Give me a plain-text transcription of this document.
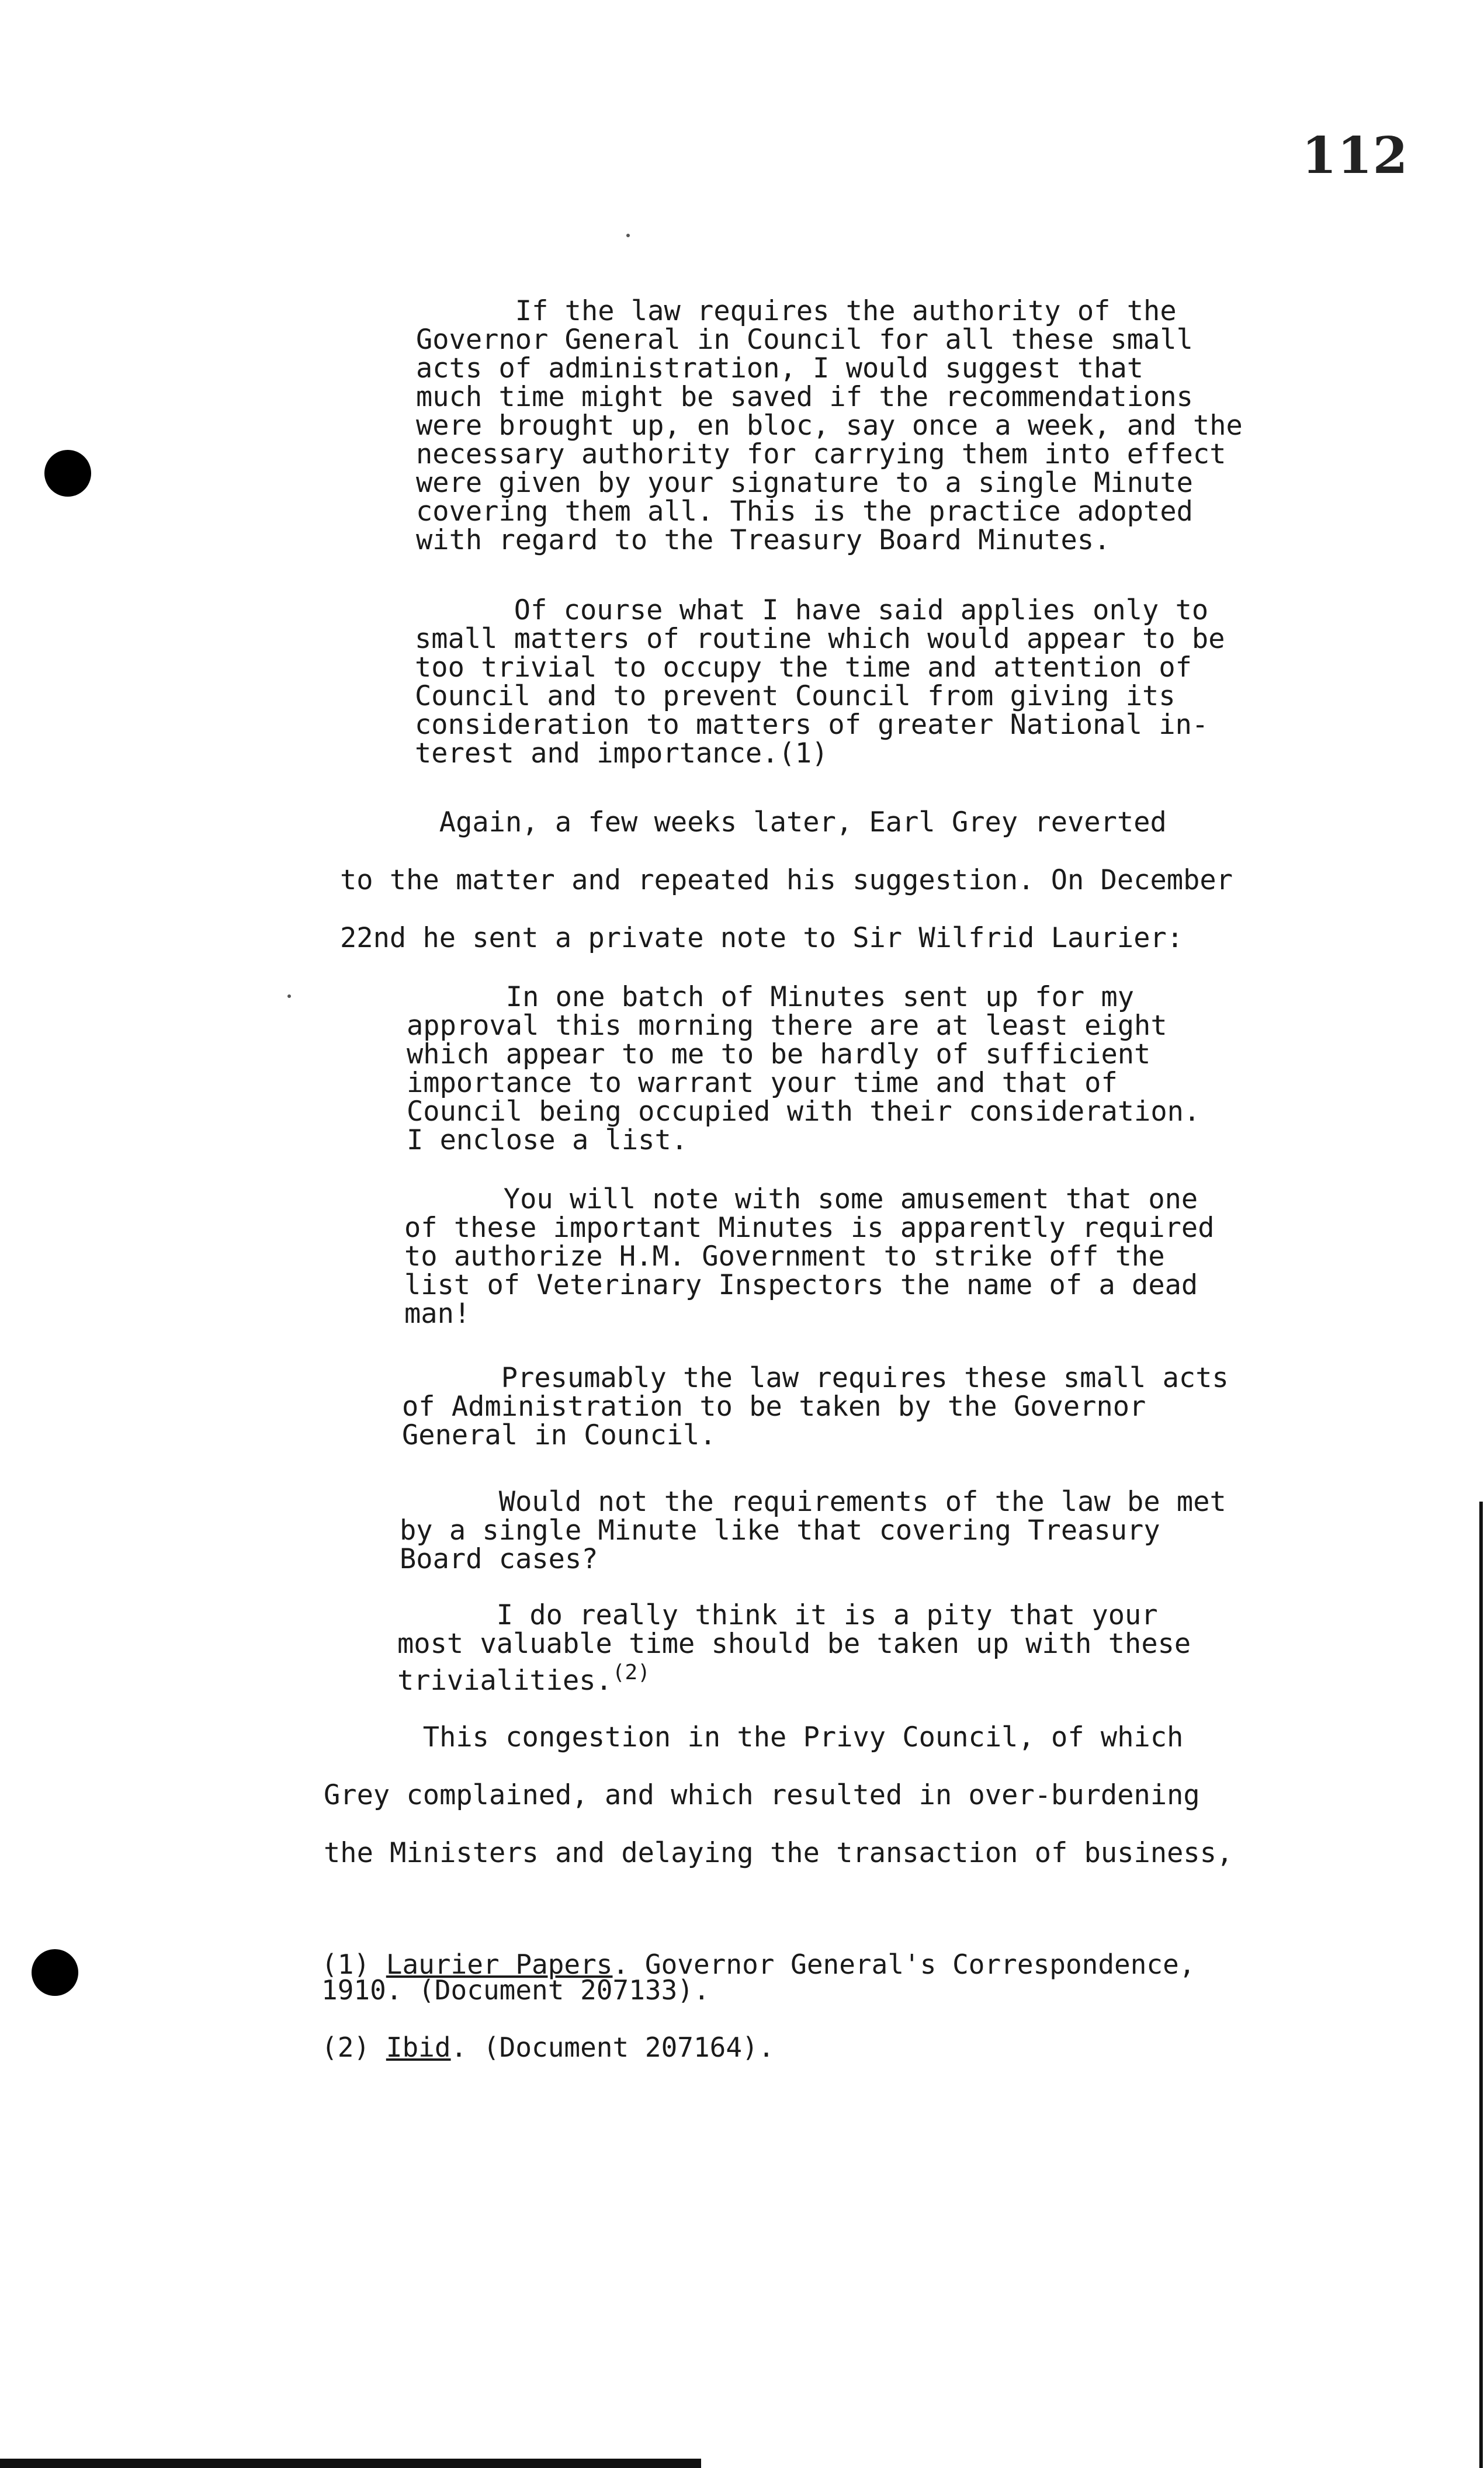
112
If the law requires the authority of the
Governor General in Council for all these small
acts of administration, I would suggest that
much time might be saved if the recommendations
were brought up, en bloc, say once a week, and the
necessary authority for carrying them into effect
were given by your signature to a single Minute
covering them all. This is the practice adopted
with regard to the Treasury Board Minutes.
Of course what I have said applies only to
small matters of routine which would appear to be
too trivial to occupy the time and attention of
Council and to prevent Council from giving its
consideration to matters of greater National in-
terest and importance.(1)
Again, a few weeks later, Earl Grey reverted
to the matter and repeated his suggestion. On December
22nd he sent a private note to Sir Wilfrid Laurier:
In one batch of Minutes sent up for my
approval this morning there are at least eight
which appear to me to be hardly of sufficient
importance to warrant your time and that of
Council being occupied with their consideration.
I enclose a list.
You will note with some amusement that one
of these important Minutes is apparently required
to authorize H.M. Government to strike off the
list of Veterinary Inspectors the name of a dead
man!
Presumably the law requires these small acts
of Administration to be taken by the Governor
General in Council.
Would not the requirements of the law be met
by a single Minute like that covering Treasury
Board cases?
I do really think it is a pity that your
most valuable time should be taken up with these
trivialities.$^{(2)}$
This congestion in the Privy Council, of which
Grey complained, and which resulted in over-burdening
the Ministers and delaying the transaction of business,
(1) Laurier Papers. Governor General's Correspondence,
1910. (Document 207133).
(2) Ibid. (Document 207164).
